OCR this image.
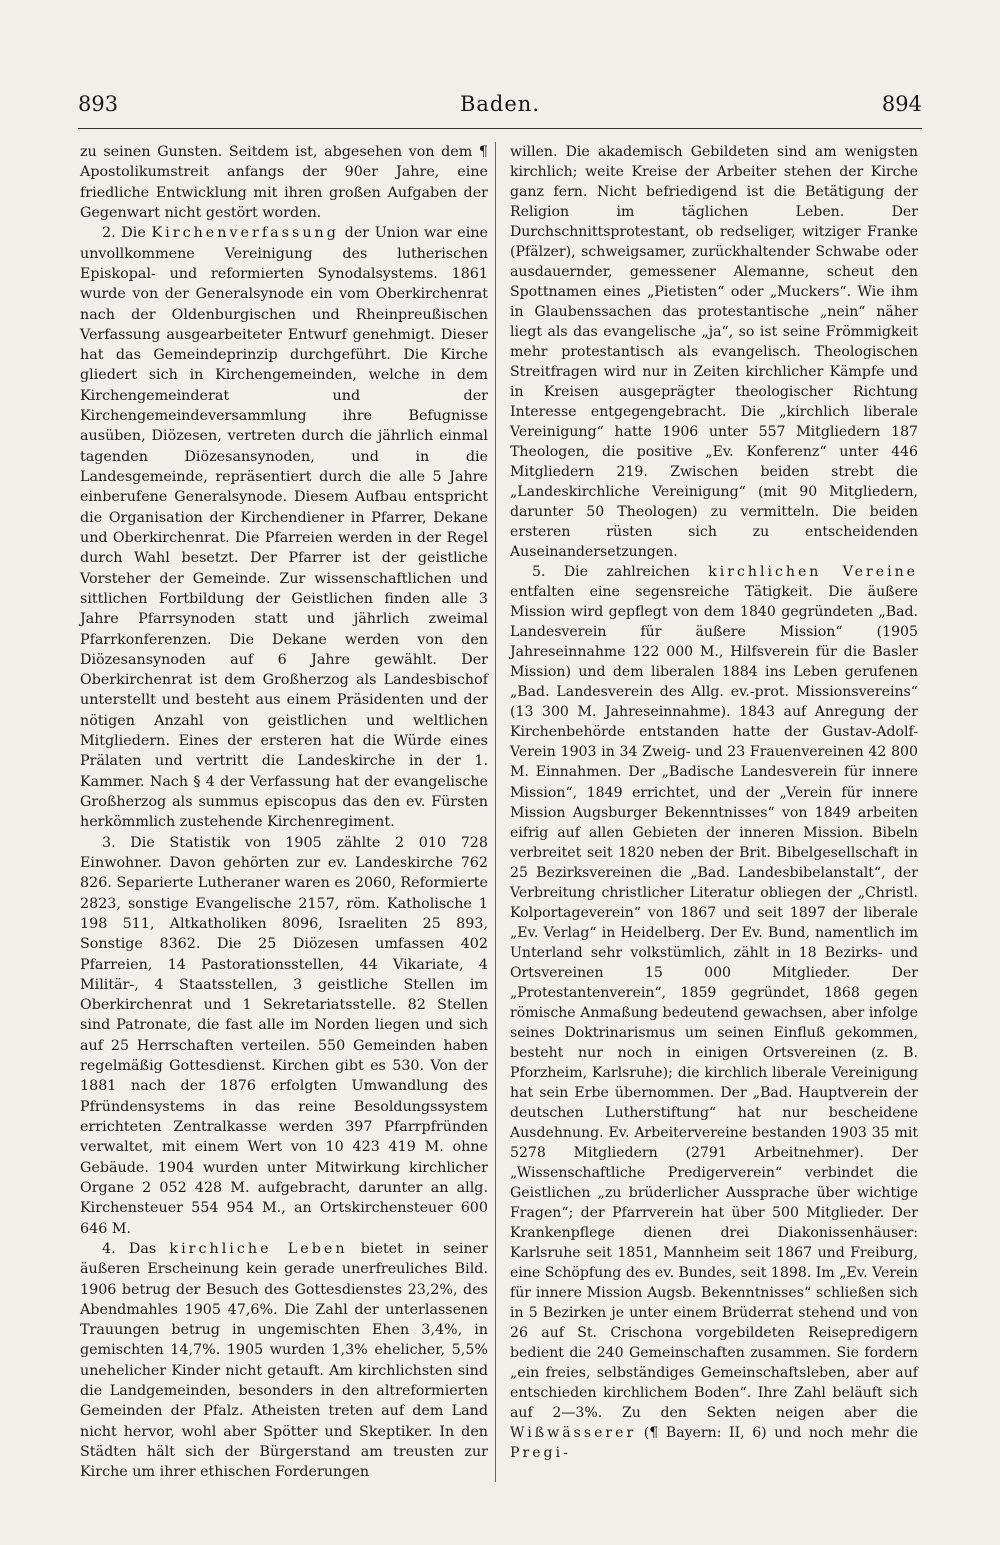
893	Baden.	894

zu seinen Gunsten. Seitdem ist, abgesehen von dem ¶ Apostolikumstreit anfangs der 90er Jahre, eine friedliche Entwicklung mit ihren großen Aufgaben der Gegenwart nicht gestört worden.

2. Die Kirchenverfassung der Union war eine unvollkommene Vereinigung des lutherischen Episkopal- und reformierten Synodalsystems. 1861 wurde von der Generalsynode ein vom Oberkirchenrat nach der Oldenburgischen und Rheinpreußischen Verfassung ausgearbeiteter Entwurf genehmigt. Dieser hat das Gemeindeprinzip durchgeführt. Die Kirche gliedert sich in Kirchengemeinden, welche in dem Kirchengemeinderat und der Kirchengemeindeversammlung ihre Befugnisse ausüben, Diözesen, vertreten durch die jährlich einmal tagenden Diözesansynoden, und in die Landesgemeinde, repräsentiert durch die alle 5 Jahre einberufene Generalsynode. Diesem Aufbau entspricht die Organisation der Kirchendiener in Pfarrer, Dekane und Oberkirchenrat. Die Pfarreien werden in der Regel durch Wahl besetzt. Der Pfarrer ist der geistliche Vorsteher der Gemeinde. Zur wissenschaftlichen und sittlichen Fortbildung der Geistlichen finden alle 3 Jahre Pfarrsynoden statt und jährlich zweimal Pfarrkonferenzen. Die Dekane werden von den Diözesansynoden auf 6 Jahre gewählt. Der Oberkirchenrat ist dem Großherzog als Landesbischof unterstellt und besteht aus einem Präsidenten und der nötigen Anzahl von geistlichen und weltlichen Mitgliedern. Eines der ersteren hat die Würde eines Prälaten und vertritt die Landeskirche in der 1. Kammer. Nach § 4 der Verfassung hat der evangelische Großherzog als summus episcopus das den ev. Fürsten herkömmlich zustehende Kirchenregiment.

3. Die Statistik von 1905 zählte 2 010 728 Einwohner. Davon gehörten zur ev. Landeskirche 762 826. Separierte Lutheraner waren es 2060, Reformierte 2823, sonstige Evangelische 2157, röm. Katholische 1 198 511, Altkatholiken 8096, Israeliten 25 893, Sonstige 8362. Die 25 Diözesen umfassen 402 Pfarreien, 14 Pastorationsstellen, 44 Vikariate, 4 Militär-, 4 Staatsstellen, 3 geistliche Stellen im Oberkirchenrat und 1 Sekretariatsstelle. 82 Stellen sind Patronate, die fast alle im Norden liegen und sich auf 25 Herrschaften verteilen. 550 Gemeinden haben regelmäßig Gottesdienst. Kirchen gibt es 530. Von der 1881 nach der 1876 erfolgten Umwandlung des Pfründensystems in das reine Besoldungssystem errichteten Zentralkasse werden 397 Pfarrpfründen verwaltet, mit einem Wert von 10 423 419 M. ohne Gebäude. 1904 wurden unter Mitwirkung kirchlicher Organe 2 052 428 M. aufgebracht, darunter an allg. Kirchensteuer 554 954 M., an Ortskirchensteuer 600 646 M.

4. Das kirchliche Leben bietet in seiner äußeren Erscheinung kein gerade unerfreuliches Bild. 1906 betrug der Besuch des Gottesdienstes 23,2%, des Abendmahles 1905 47,6%. Die Zahl der unterlassenen Trauungen betrug in ungemischten Ehen 3,4%, in gemischten 14,7%. 1905 wurden 1,3% ehelicher, 5,5% unehelicher Kinder nicht getauft. Am kirchlichsten sind die Landgemeinden, besonders in den altreformierten Gemeinden der Pfalz. Atheisten treten auf dem Land nicht hervor, wohl aber Spötter und Skeptiker. In den Städten hält sich der Bürgerstand am treusten zur Kirche um ihrer ethischen Forderungen

willen. Die akademisch Gebildeten sind am wenigsten kirchlich; weite Kreise der Arbeiter stehen der Kirche ganz fern. Nicht befriedigend ist die Betätigung der Religion im täglichen Leben. Der Durchschnittsprotestant, ob redseliger, witziger Franke (Pfälzer), schweigsamer, zurückhaltender Schwabe oder ausdauernder, gemessener Alemanne, scheut den Spottnamen eines „Pietisten“ oder „Muckers“. Wie ihm in Glaubenssachen das protestantische „nein“ näher liegt als das evangelische „ja“, so ist seine Frömmigkeit mehr protestantisch als evangelisch. Theologischen Streitfragen wird nur in Zeiten kirchlicher Kämpfe und in Kreisen ausgeprägter theologischer Richtung Interesse entgegengebracht. Die „kirchlich liberale Vereinigung“ hatte 1906 unter 557 Mitgliedern 187 Theologen, die positive „Ev. Konferenz“ unter 446 Mitgliedern 219. Zwischen beiden strebt die „Landeskirchliche Vereinigung“ (mit 90 Mitgliedern, darunter 50 Theologen) zu vermitteln. Die beiden ersteren rüsten sich zu entscheidenden Auseinandersetzungen.

5. Die zahlreichen kirchlichen Vereine entfalten eine segensreiche Tätigkeit. Die äußere Mission wird gepflegt von dem 1840 gegründeten „Bad. Landesverein für äußere Mission“ (1905 Jahreseinnahme 122 000 M., Hilfsverein für die Basler Mission) und dem liberalen 1884 ins Leben gerufenen „Bad. Landesverein des Allg. ev.-prot. Missionsvereins“ (13 300 M. Jahreseinnahme). 1843 auf Anregung der Kirchenbehörde entstanden hatte der Gustav-Adolf-Verein 1903 in 34 Zweig- und 23 Frauenvereinen 42 800 M. Einnahmen. Der „Badische Landesverein für innere Mission“, 1849 errichtet, und der „Verein für innere Mission Augsburger Bekenntnisses“ von 1849 arbeiten eifrig auf allen Gebieten der inneren Mission. Bibeln verbreitet seit 1820 neben der Brit. Bibelgesellschaft in 25 Bezirksvereinen die „Bad. Landesbibelanstalt“, der Verbreitung christlicher Literatur obliegen der „Christl. Kolportageverein“ von 1867 und seit 1897 der liberale „Ev. Verlag“ in Heidelberg. Der Ev. Bund, namentlich im Unterland sehr volkstümlich, zählt in 18 Bezirks- und Ortsvereinen 15 000 Mitglieder. Der „Protestantenverein“, 1859 gegründet, 1868 gegen römische Anmaßung bedeutend gewachsen, aber infolge seines Doktrinarismus um seinen Einfluß gekommen, besteht nur noch in einigen Ortsvereinen (z. B. Pforzheim, Karlsruhe); die kirchlich liberale Vereinigung hat sein Erbe übernommen. Der „Bad. Hauptverein der deutschen Lutherstiftung“ hat nur bescheidene Ausdehnung. Ev. Arbeitervereine bestanden 1903 35 mit 5278 Mitgliedern (2791 Arbeitnehmer). Der „Wissenschaftliche Predigerverein“ verbindet die Geistlichen „zu brüderlicher Aussprache über wichtige Fragen“; der Pfarrverein hat über 500 Mitglieder. Der Krankenpflege dienen drei Diakonissenhäuser: Karlsruhe seit 1851, Mannheim seit 1867 und Freiburg, eine Schöpfung des ev. Bundes, seit 1898. Im „Ev. Verein für innere Mission Augsb. Bekenntnisses“ schließen sich in 5 Bezirken je unter einem Brüderrat stehend und von 26 auf St. Crischona vorgebildeten Reisepredigern bedient die 240 Gemeinschaften zusammen. Sie fordern „ein freies, selbständiges Gemeinschaftsleben, aber auf entschieden kirchlichem Boden“. Ihre Zahl beläuft sich auf 2—3%. Zu den Sekten neigen aber die Wißwässerer (¶ Bayern: II, 6) und noch mehr die Pregi-
